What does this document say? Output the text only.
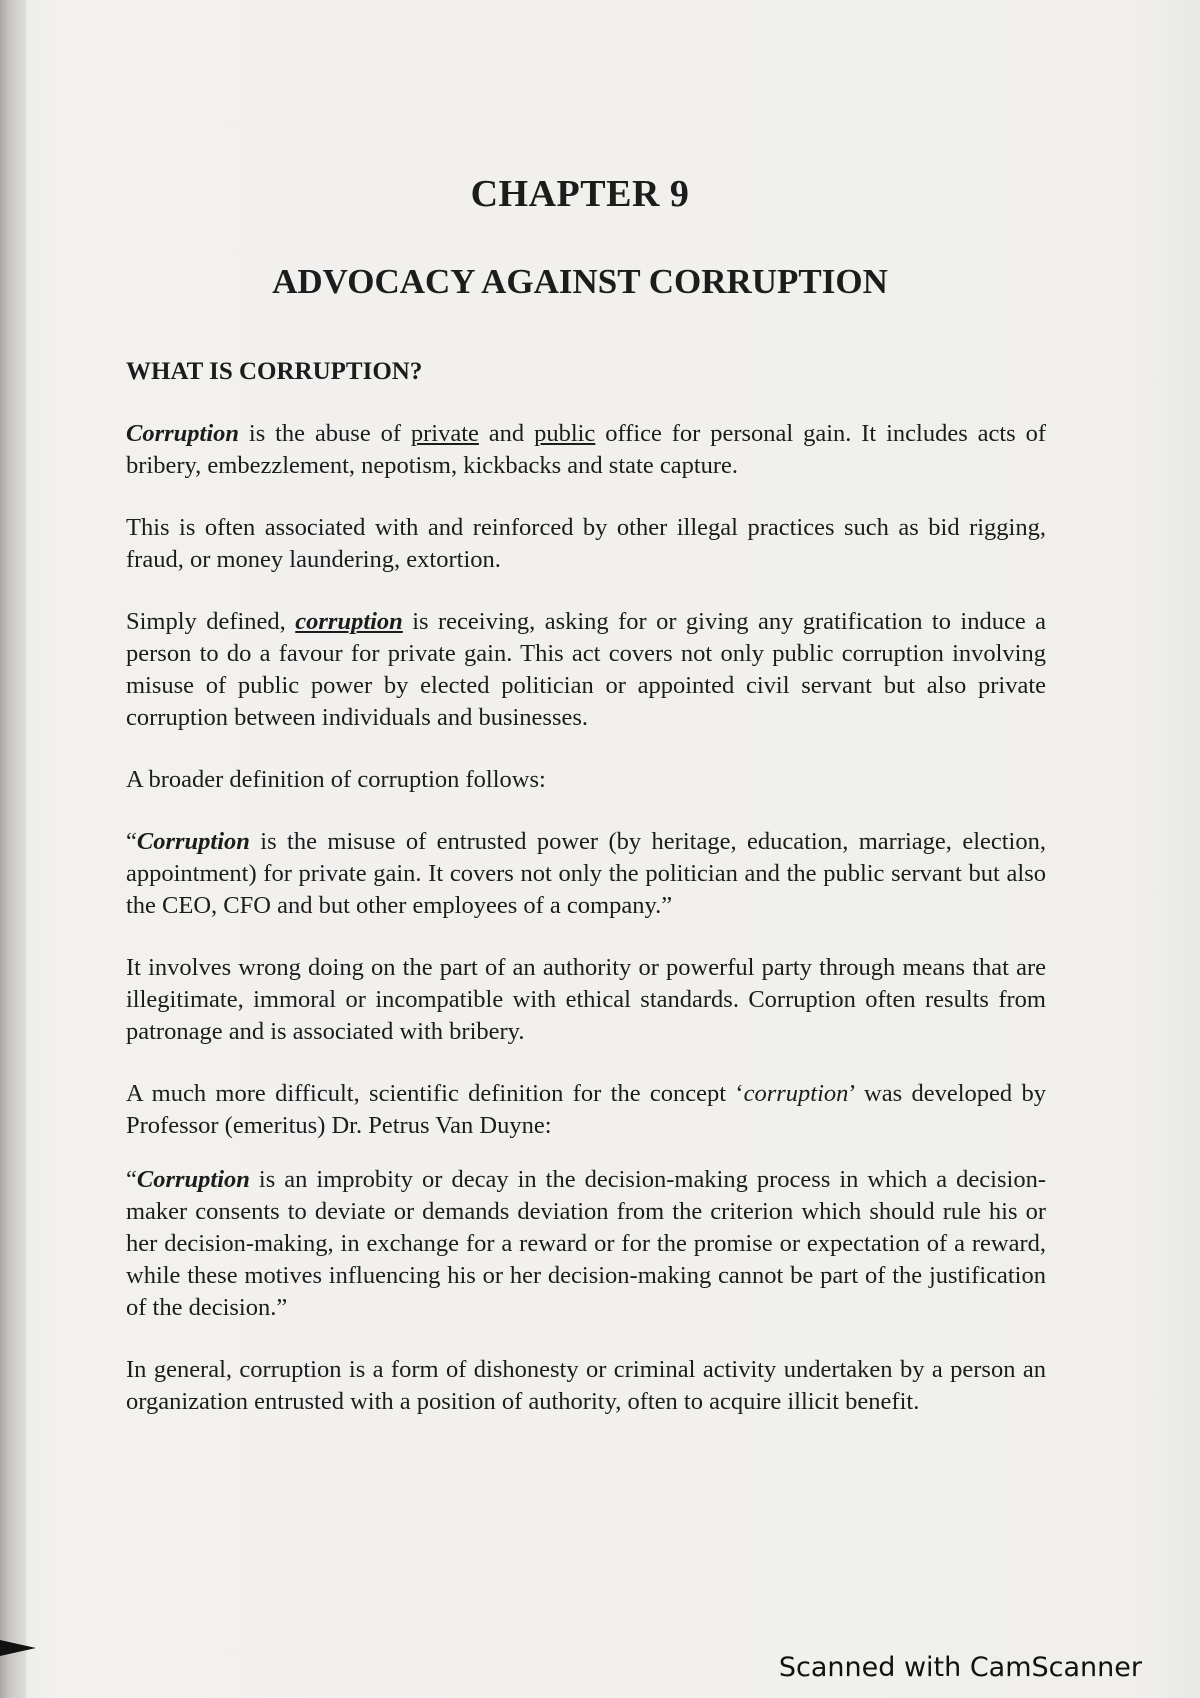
CHAPTER 9
ADVOCACY AGAINST CORRUPTION
WHAT IS CORRUPTION?

Corruption is the abuse of private and public office for personal gain. It includes acts of bribery, embezzlement, nepotism, kickbacks and state capture.

This is often associated with and reinforced by other illegal practices such as bid rigging, fraud, or money laundering, extortion.

Simply defined, corruption is receiving, asking for or giving any gratification to induce a person to do a favour for private gain. This act covers not only public corruption involving misuse of public power by elected politician or appointed civil servant but also private corruption between individuals and businesses.

A broader definition of corruption follows:

“Corruption is the misuse of entrusted power (by heritage, education, marriage, election, appointment) for private gain. It covers not only the politician and the public servant but also the CEO, CFO and but other employees of a company.”

It involves wrong doing on the part of an authority or powerful party through means that are illegitimate, immoral or incompatible with ethical standards. Corruption often results from patronage and is associated with bribery.

A much more difficult, scientific definition for the concept ‘corruption’ was developed by Professor (emeritus) Dr. Petrus Van Duyne:

“Corruption is an improbity or decay in the decision-making process in which a decision-maker consents to deviate or demands deviation from the criterion which should rule his or her decision-making, in exchange for a reward or for the promise or expectation of a reward, while these motives influencing his or her decision-making cannot be part of the justification of the decision.”

In general, corruption is a form of dishonesty or criminal activity undertaken by a person an organization entrusted with a position of authority, often to acquire illicit benefit.

Scanned with CamScanner
